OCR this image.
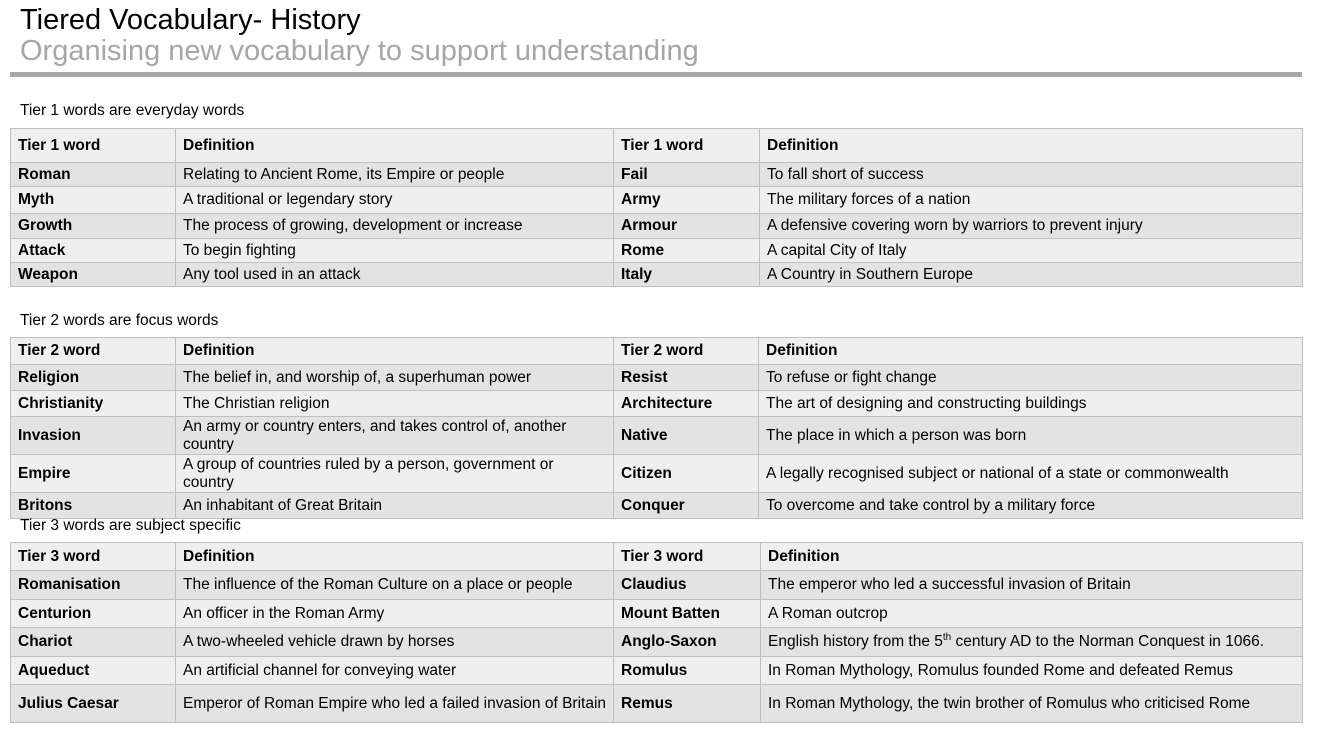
Tiered Vocabulary- History
Organising new vocabulary to support understanding
Tier 1 words are everyday words
Tier 1 word	Definition	Tier 1 word	Definition
Roman	Relating to Ancient Rome, its Empire or people	Fail	To fall short of success
Myth	A traditional or legendary story	Army	The military forces of a nation
Growth	The process of growing, development or increase	Armour	A defensive covering worn by warriors to prevent injury
Attack	To begin fighting	Rome	A capital City of Italy
Weapon	Any tool used in an attack	Italy	A Country in Southern Europe
Tier 2 words are focus words
Tier 2 word	Definition	Tier 2 word	Definition
Religion	The belief in, and worship of, a superhuman power	Resist	To refuse or fight change
Christianity	The Christian religion	Architecture	The art of designing and constructing buildings
Invasion	An army or country enters, and takes control of, another country	Native	The place in which a person was born
Empire	A group of countries ruled by a person, government or country	Citizen	A legally recognised subject or national of a state or commonwealth
Britons	An inhabitant of Great Britain	Conquer	To overcome and take control by a military force
Tier 3 words are subject specific
Tier 3 word	Definition	Tier 3 word	Definition
Romanisation	The influence of the Roman Culture on a place or people	Claudius	The emperor who led a successful invasion of Britain
Centurion	An officer in the Roman Army	Mount Batten	A Roman outcrop
Chariot	A two-wheeled vehicle drawn by horses	Anglo-Saxon	English history from the 5th century AD to the Norman Conquest in 1066.
Aqueduct	An artificial channel for conveying water	Romulus	In Roman Mythology, Romulus founded Rome and defeated Remus
Julius Caesar	Emperor of Roman Empire who led a failed invasion of Britain	Remus	In Roman Mythology, the twin brother of Romulus who criticised Rome
